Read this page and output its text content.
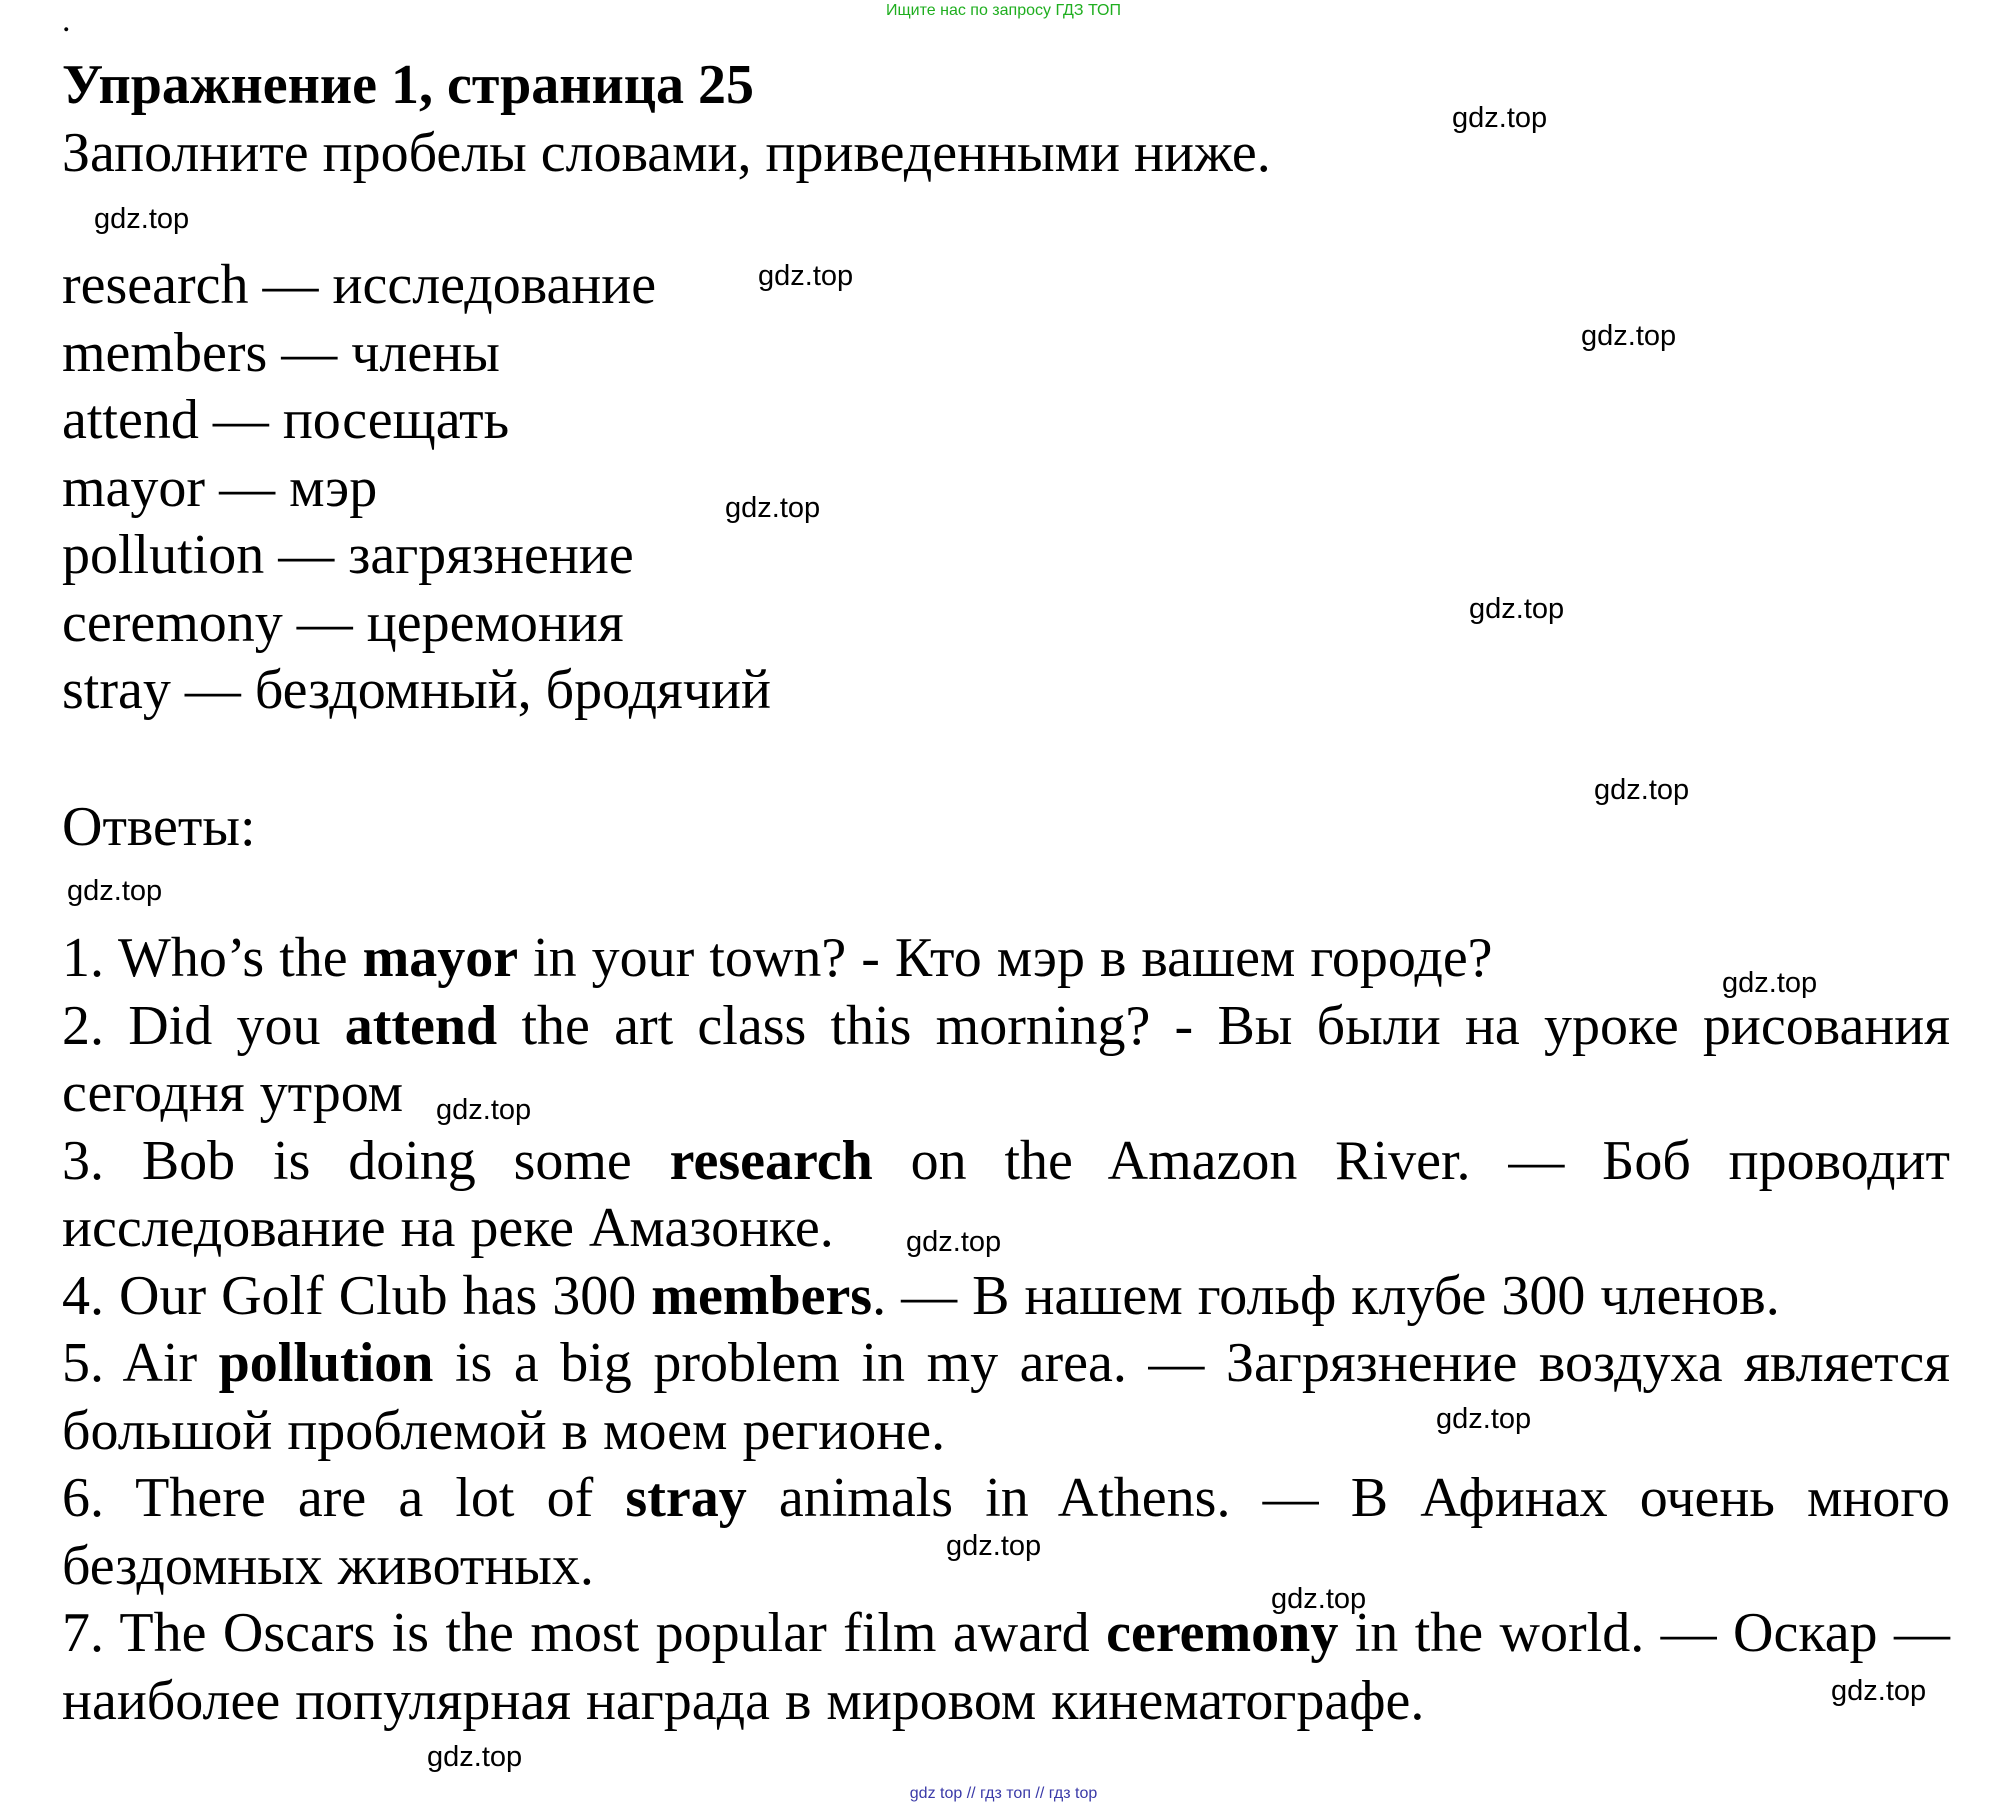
Ищите нас по запросу ГДЗ ТОП
.
Упражнение 1, страница 25
Заполните пробелы словами, приведенными ниже.
research — исследование
members — члены
attend — посещать
mayor — мэр
pollution — загрязнение
ceremony — церемония
stray — бездомный, бродячий
Ответы:
1. Who’s the mayor in your town? - Кто мэр в вашем городе?
2. Did you attend the art class this morning? - Вы были на уроке рисования сегодня утром
3. Bob is doing some research on the Amazon River. — Боб проводит исследование на реке Амазонке.
4. Our Golf Club has 300 members. — В нашем гольф клубе 300 членов.
5. Air pollution is a big problem in my area. — Загрязнение воздуха является большой проблемой в моем регионе.
6. There are a lot of stray animals in Athens. — В Афинах очень много бездомных животных.
7. The Oscars is the most popular film award ceremony in the world. — Оскар — наиболее популярная награда в мировом кинематографе.
gdz.top
gdz.top
gdz.top
gdz.top
gdz.top
gdz.top
gdz.top
gdz.top
gdz.top
gdz.top
gdz.top
gdz.top
gdz.top
gdz.top
gdz.top
gdz.top
gdz top // гдз топ // гдз top
